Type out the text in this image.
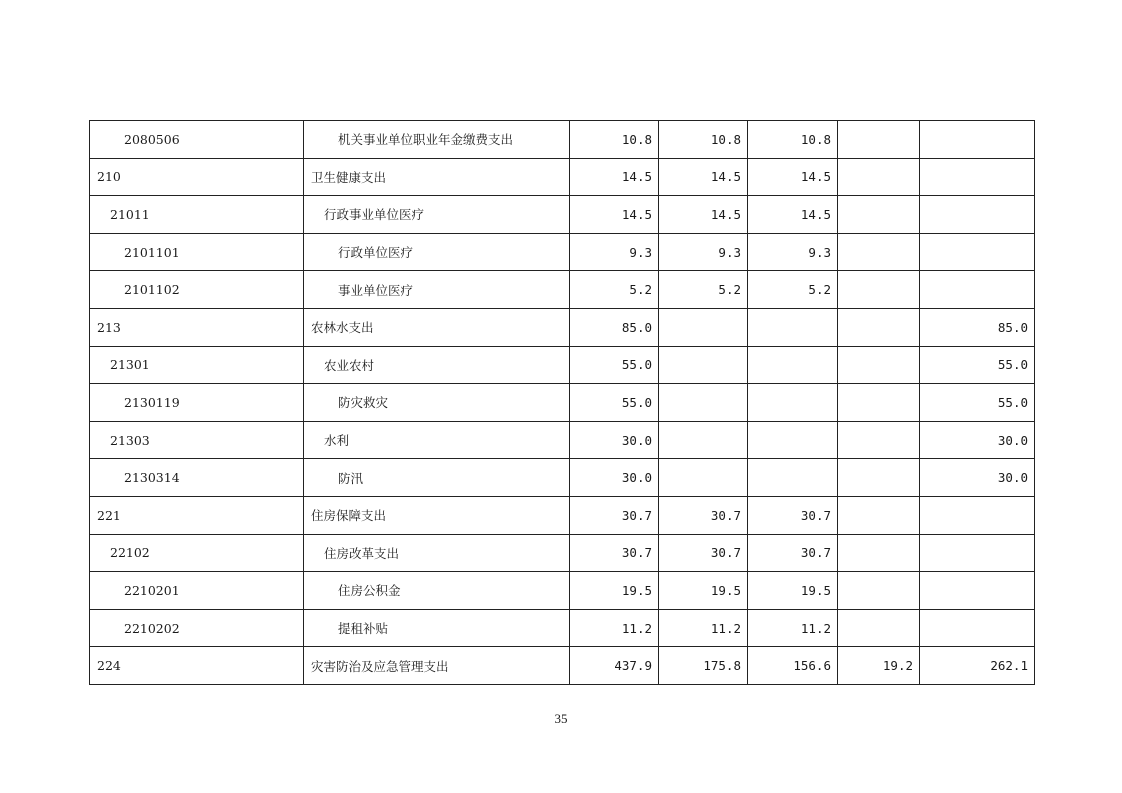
2080506	机关事业单位职业年金缴费支出	10.8	10.8	10.8		
210	卫生健康支出	14.5	14.5	14.5		
21011	行政事业单位医疗	14.5	14.5	14.5		
2101101	行政单位医疗	9.3	9.3	9.3		
2101102	事业单位医疗	5.2	5.2	5.2		
213	农林水支出	85.0				85.0
21301	农业农村	55.0				55.0
2130119	防灾救灾	55.0				55.0
21303	水利	30.0				30.0
2130314	防汛	30.0				30.0
221	住房保障支出	30.7	30.7	30.7		
22102	住房改革支出	30.7	30.7	30.7		
2210201	住房公积金	19.5	19.5	19.5		
2210202	提租补贴	11.2	11.2	11.2		
224	灾害防治及应急管理支出	437.9	175.8	156.6	19.2	262.1
35
